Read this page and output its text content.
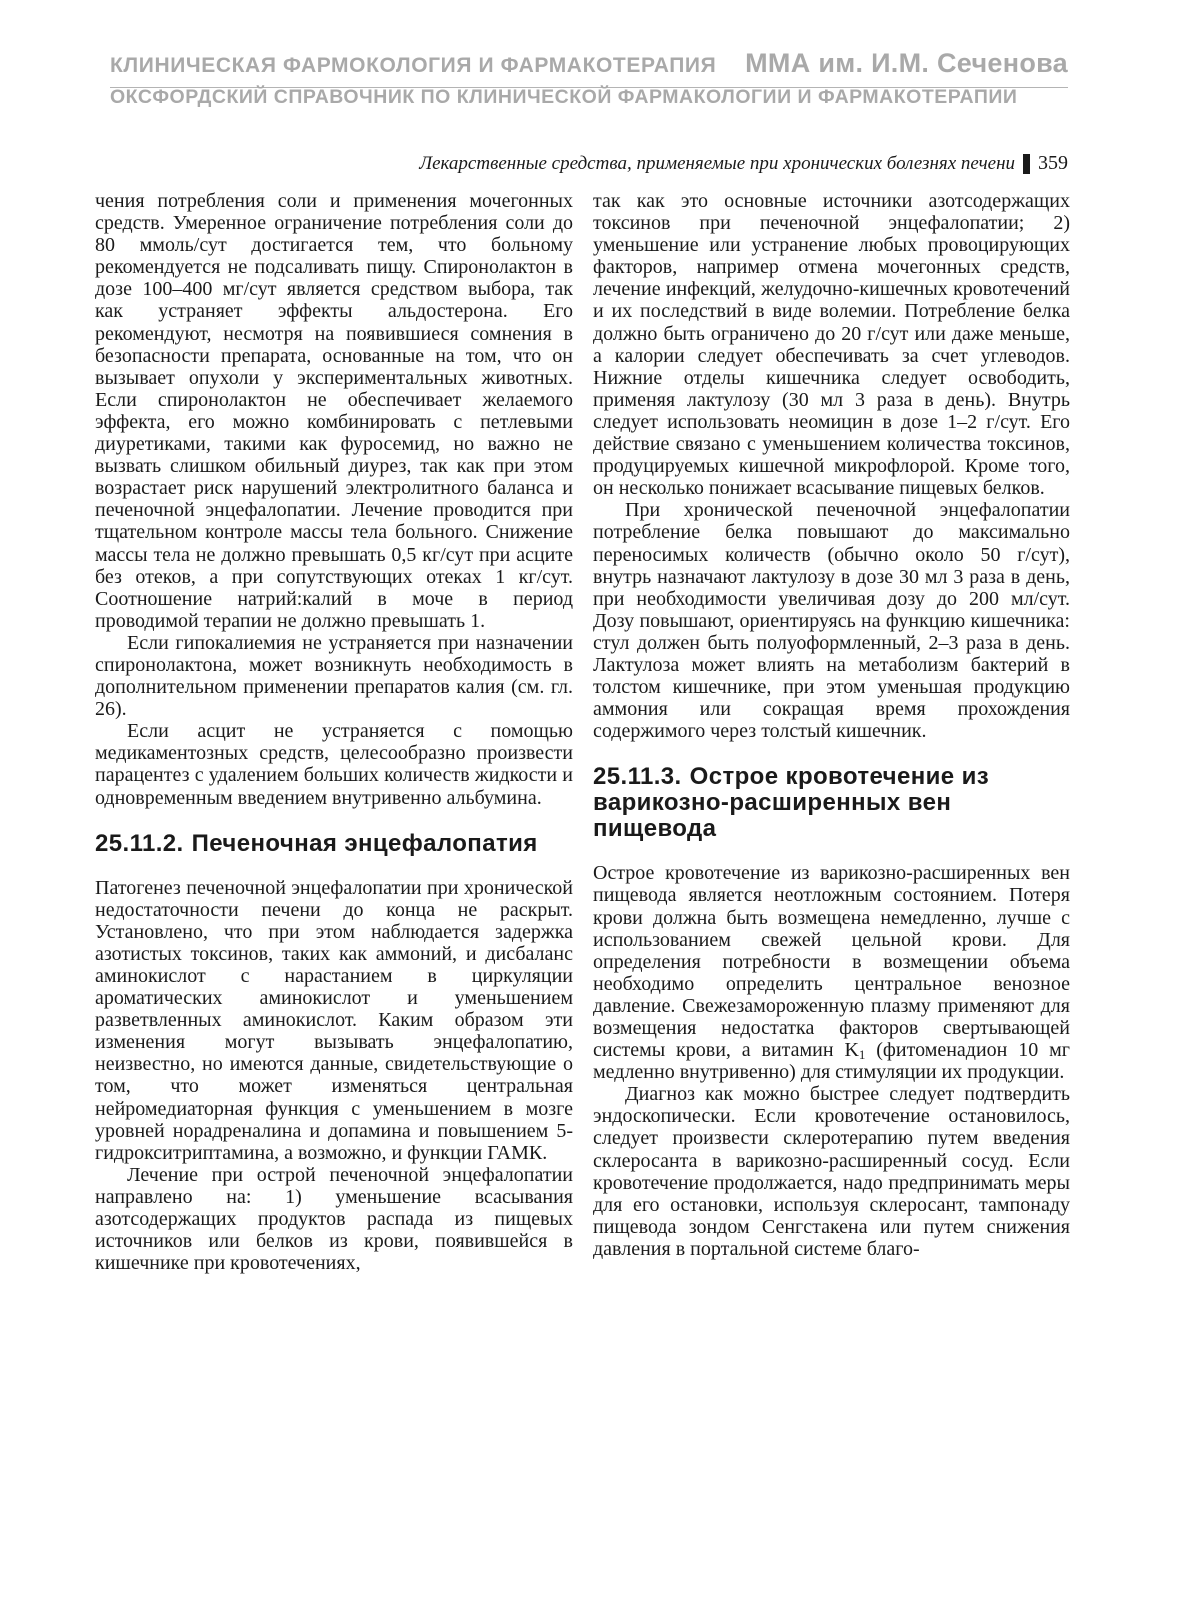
КЛИНИЧЕСКАЯ ФАРМОКОЛОГИЯ И ФАРМАКОТЕРАПИЯ ММА им. И.М. Сеченова
ОКСФОРДСКИЙ СПРАВОЧНИК ПО КЛИНИЧЕСКОЙ ФАРМАКОЛОГИИ И ФАРМАКОТЕРАПИИ
Лекарственные средства, применяемые при хронических болезнях печени 359

чения потребления соли и применения мочегонных средств. Умеренное ограничение потребления соли до 80 ммоль/сут достигается тем, что больному рекомендуется не подсаливать пищу. Спиронолактон в дозе 100–400 мг/сут является средством выбора, так как устраняет эффекты альдостерона. Его рекомендуют, несмотря на появившиеся сомнения в безопасности препарата, основанные на том, что он вызывает опухоли у экспериментальных животных. Если спиронолактон не обеспечивает желаемого эффекта, его можно комбинировать с петлевыми диуретиками, такими как фуросемид, но важно не вызвать слишком обильный диурез, так как при этом возрастает риск нарушений электролитного баланса и печеночной энцефалопатии. Лечение проводится при тщательном контроле массы тела больного. Снижение массы тела не должно превышать 0,5 кг/сут при асците без отеков, а при сопутствующих отеках 1 кг/сут. Соотношение натрий:калий в моче в период проводимой терапии не должно превышать 1.

Если гипокалиемия не устраняется при назначении спиронолактона, может возникнуть необходимость в дополнительном применении препаратов калия (см. гл. 26).

Если асцит не устраняется с помощью медикаментозных средств, целесообразно произвести парацентез с удалением больших количеств жидкости и одновременным введением внутривенно альбумина.

25.11.2. Печеночная энцефалопатия

Патогенез печеночной энцефалопатии при хронической недостаточности печени до конца не раскрыт. Установлено, что при этом наблюдается задержка азотистых токсинов, таких как аммоний, и дисбаланс аминокислот с нарастанием в циркуляции ароматических аминокислот и уменьшением разветвленных аминокислот. Каким образом эти изменения могут вызывать энцефалопатию, неизвестно, но имеются данные, свидетельствующие о том, что может изменяться центральная нейромедиаторная функция с уменьшением в мозге уровней норадреналина и допамина и повышением 5-гидрокситриптамина, а возможно, и функции ГАМК.

Лечение при острой печеночной энцефалопатии направлено на: 1) уменьшение всасывания азотсодержащих продуктов распада из пищевых источников или белков из крови, появившейся в кишечнике при кровотечениях,

так как это основные источники азотсодержащих токсинов при печеночной энцефалопатии; 2) уменьшение или устранение любых провоцирующих факторов, например отмена мочегонных средств, лечение инфекций, желудочно-кишечных кровотечений и их последствий в виде волемии. Потребление белка должно быть ограничено до 20 г/сут или даже меньше, а калории следует обеспечивать за счет углеводов. Нижние отделы кишечника следует освободить, применяя лактулозу (30 мл 3 раза в день). Внутрь следует использовать неомицин в дозе 1–2 г/сут. Его действие связано с уменьшением количества токсинов, продуцируемых кишечной микрофлорой. Кроме того, он несколько понижает всасывание пищевых белков.

При хронической печеночной энцефалопатии потребление белка повышают до максимально переносимых количеств (обычно около 50 г/сут), внутрь назначают лактулозу в дозе 30 мл 3 раза в день, при необходимости увеличивая дозу до 200 мл/сут. Дозу повышают, ориентируясь на функцию кишечника: стул должен быть полуоформленный, 2–3 раза в день. Лактулоза может влиять на метаболизм бактерий в толстом кишечнике, при этом уменьшая продукцию аммония или сокращая время прохождения содержимого через толстый кишечник.

25.11.3. Острое кровотечение из варикозно-расширенных вен пищевода

Острое кровотечение из варикозно-расширенных вен пищевода является неотложным состоянием. Потеря крови должна быть возмещена немедленно, лучше с использованием свежей цельной крови. Для определения потребности в возмещении объема необходимо определить центральное венозное давление. Свежезамороженную плазму применяют для возмещения недостатка факторов свертывающей системы крови, а витамин $K_1$ (фитоменадион 10 мг медленно внутривенно) для стимуляции их продукции.

Диагноз как можно быстрее следует подтвердить эндоскопически. Если кровотечение остановилось, следует произвести склеротерапию путем введения склеросанта в варикозно-расширенный сосуд. Если кровотечение продолжается, надо предпринимать меры для его остановки, используя склеросант, тампонаду пищевода зондом Сенгстакена или путем снижения давления в портальной системе благо-
